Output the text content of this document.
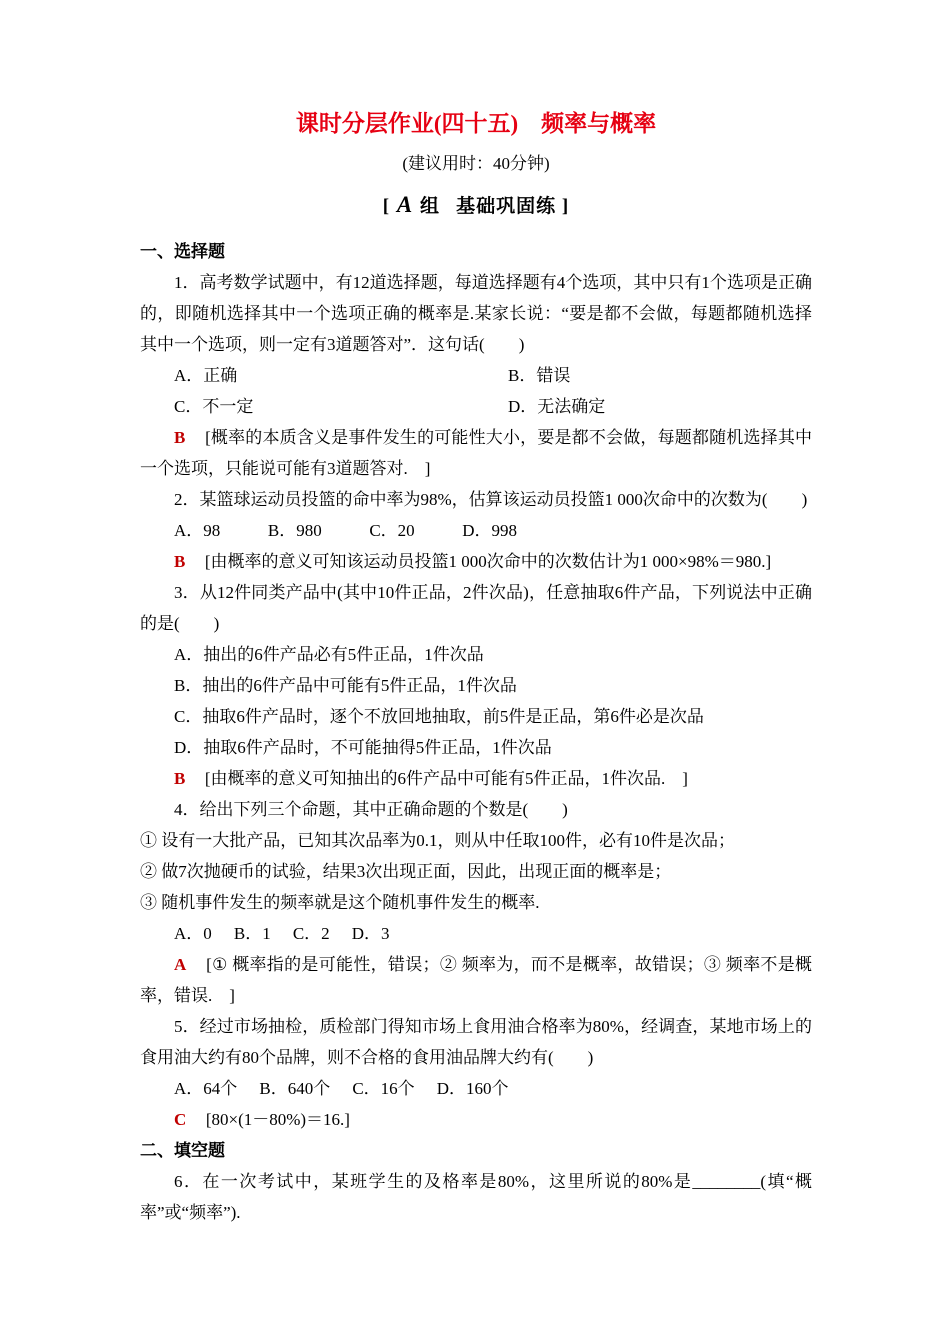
课时分层作业(四十五)　频率与概率
(建议用时：40分钟)
[ A 组 基础巩固练 ]
一、选择题

1．高考数学试题中，有12道选择题，每道选择题有4个选项，其中只有1个选项是正确的，即随机选择其中一个选项正确的概率是.某家长说：“要是都不会做，每题都随机选择其中一个选项，则一定有3道题答对”．这句话(　　)

A．正确	B．错误
C．不一定	D．无法确定

B [概率的本质含义是事件发生的可能性大小，要是都不会做，每题都随机选择其中一个选项，只能说可能有3道题答对.　]

2．某篮球运动员投篮的命中率为98%，估算该运动员投篮1 000次命中的次数为(　　)

A．98	B．980	C．20	D．998

B [由概率的意义可知该运动员投篮1 000次命中的次数估计为1 000×98%＝980.]

3．从12件同类产品中(其中10件正品，2件次品)，任意抽取6件产品，下列说法中正确的是(　　)

A．抽出的6件产品必有5件正品，1件次品

B．抽出的6件产品中可能有5件正品，1件次品

C．抽取6件产品时，逐个不放回地抽取，前5件是正品，第6件必是次品

D．抽取6件产品时，不可能抽得5件正品，1件次品

B [由概率的意义可知抽出的6件产品中可能有5件正品，1件次品.　]

4．给出下列三个命题，其中正确命题的个数是(　　)

① 设有一大批产品，已知其次品率为0.1，则从中任取100件，必有10件是次品；

② 做7次抛硬币的试验，结果3次出现正面，因此，出现正面的概率是；

③ 随机事件发生的频率就是这个随机事件发生的概率.

A．0 B．1 C．2 D．3

A [① 概率指的是可能性，错误；② 频率为，而不是概率，故错误；③ 频率不是概率，错误.　]

5．经过市场抽检，质检部门得知市场上食用油合格率为80%，经调查，某地市场上的食用油大约有80个品牌，则不合格的食用油品牌大约有(　　)

A．64个 B．640个 C．16个 D．160个

C [80×(1－80%)＝16.]

二、填空题

6．在一次考试中，某班学生的及格率是80%，这里所说的80%是________(填“概率”或“频率”).
